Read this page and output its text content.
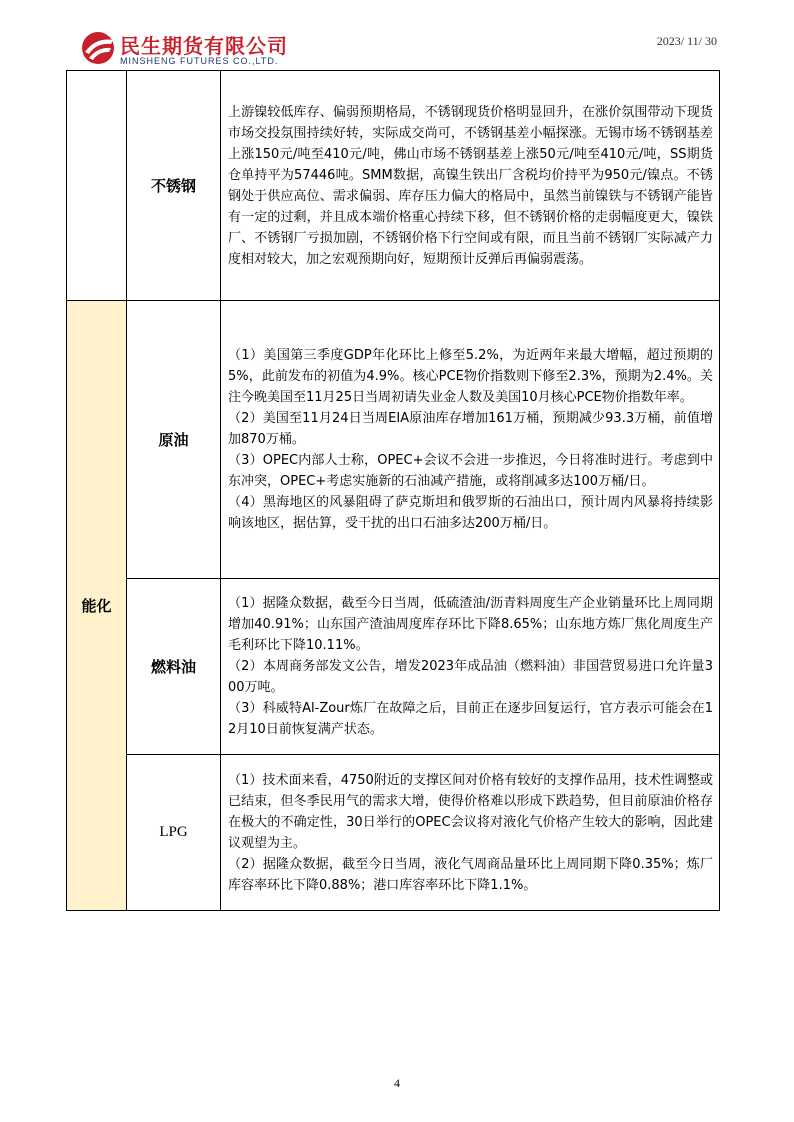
民生期货有限公司
MINSHENG FUTURES CO.,LTD.
2023/ 11/ 30
	不锈钢	上游镍较低库存、偏弱预期格局，不锈钢现货价格明显回升，在涨价氛围带动下现货市场交投氛围持续好转，实际成交尚可，不锈钢基差小幅探涨。无锡市场不锈钢基差上涨150元/吨至410元/吨，佛山市场不锈钢基差上涨50元/吨至410元/吨，SS期货仓单持平为57446吨。SMM数据，高镍生铁出厂含税均价持平为950元/镍点。不锈钢处于供应高位、需求偏弱、库存压力偏大的格局中，虽然当前镍铁与不锈钢产能皆有一定的过剩，并且成本端价格重心持续下移，但不锈钢价格的走弱幅度更大，镍铁厂、不锈钢厂亏损加剧，不锈钢价格下行空间或有限，而且当前不锈钢厂实际减产力度相对较大，加之宏观预期向好，短期预计反弹后再偏弱震荡。

能化	原油	（1）美国第三季度GDP年化环比上修至5.2%，为近两年来最大增幅，超过预期的5%，此前发布的初值为4.9%。核心PCE物价指数则下修至2.3%，预期为2.4%。关注今晚美国至11月25日当周初请失业金人数及美国10月核心PCE物价指数年率。

（2）美国至11月24日当周EIA原油库存增加161万桶，预期减少93.3万桶，前值增加870万桶。

（3）OPEC内部人士称，OPEC+会议不会进一步推迟，今日将准时进行。考虑到中东冲突，OPEC+考虑实施新的石油减产措施，或将削减多达100万桶/日。

（4）黑海地区的风暴阻碍了萨克斯坦和俄罗斯的石油出口，预计周内风暴将持续影响该地区，据估算，受干扰的出口石油多达200万桶/日。

	燃料油	（1）据隆众数据，截至今日当周，低硫渣油/沥青料周度生产企业销量环比上周同期增加40.91%；山东国产渣油周度库存环比下降8.65%；山东地方炼厂焦化周度生产毛利环比下降10.11%。

（2）本周商务部发文公告，增发2023年成品油（燃料油）非国营贸易进口允许量300万吨。

（3）科威特Al-Zour炼厂在故障之后，目前正在逐步回复运行，官方表示可能会在12月10日前恢复满产状态。

	LPG	（1）技术面来看，4750附近的支撑区间对价格有较好的支撑作品用，技术性调整或已结束，但冬季民用气的需求大增，使得价格难以形成下跌趋势，但目前原油价格存在极大的不确定性，30日举行的OPEC会议将对液化气价格产生较大的影响，因此建议观望为主。

（2）据隆众数据，截至今日当周，液化气周商品量环比上周同期下降0.35%；炼厂库容率环比下降0.88%；港口库容率环比下降1.1%。

4
